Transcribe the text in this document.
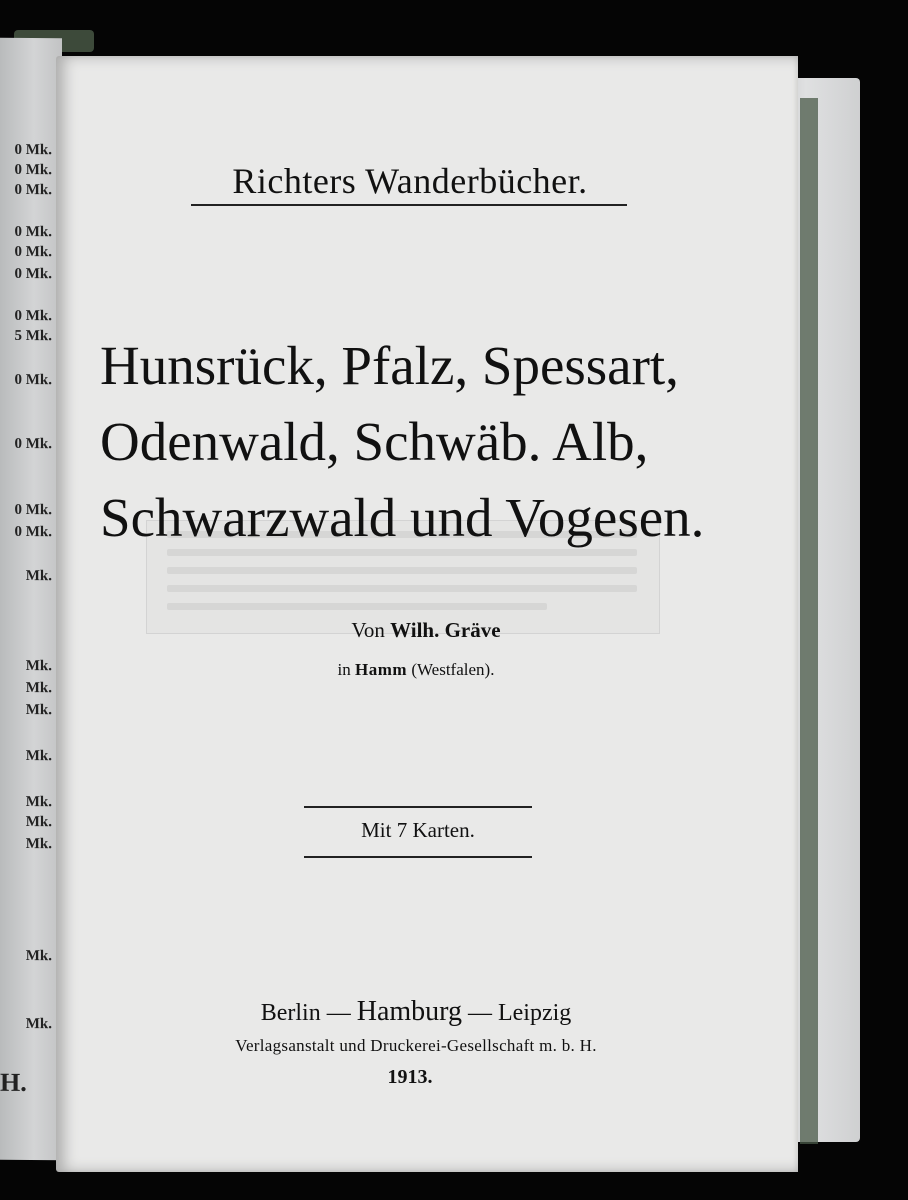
0 Mk.
0 Mk.
0 Mk.
0 Mk.
0 Mk.
0 Mk.
0 Mk.
5 Mk.
0 Mk.
0 Mk.
0 Mk.
0 Mk.
Mk.
Mk.
Mk.
Mk.
Mk.
Mk.
Mk.
Mk.
Mk.
Mk.
H.
Richters Wanderbücher.
Hunsrück, Pfalz, Spessart,
Odenwald, Schwäb. Alb,
Schwarzwald und Vogesen.
Von Wilh. Gräve
in Hamm (Westfalen).
Mit 7 Karten.
Berlin — Hamburg — Leipzig
Verlagsanstalt und Druckerei-Gesellschaft m. b. H.
1913.
